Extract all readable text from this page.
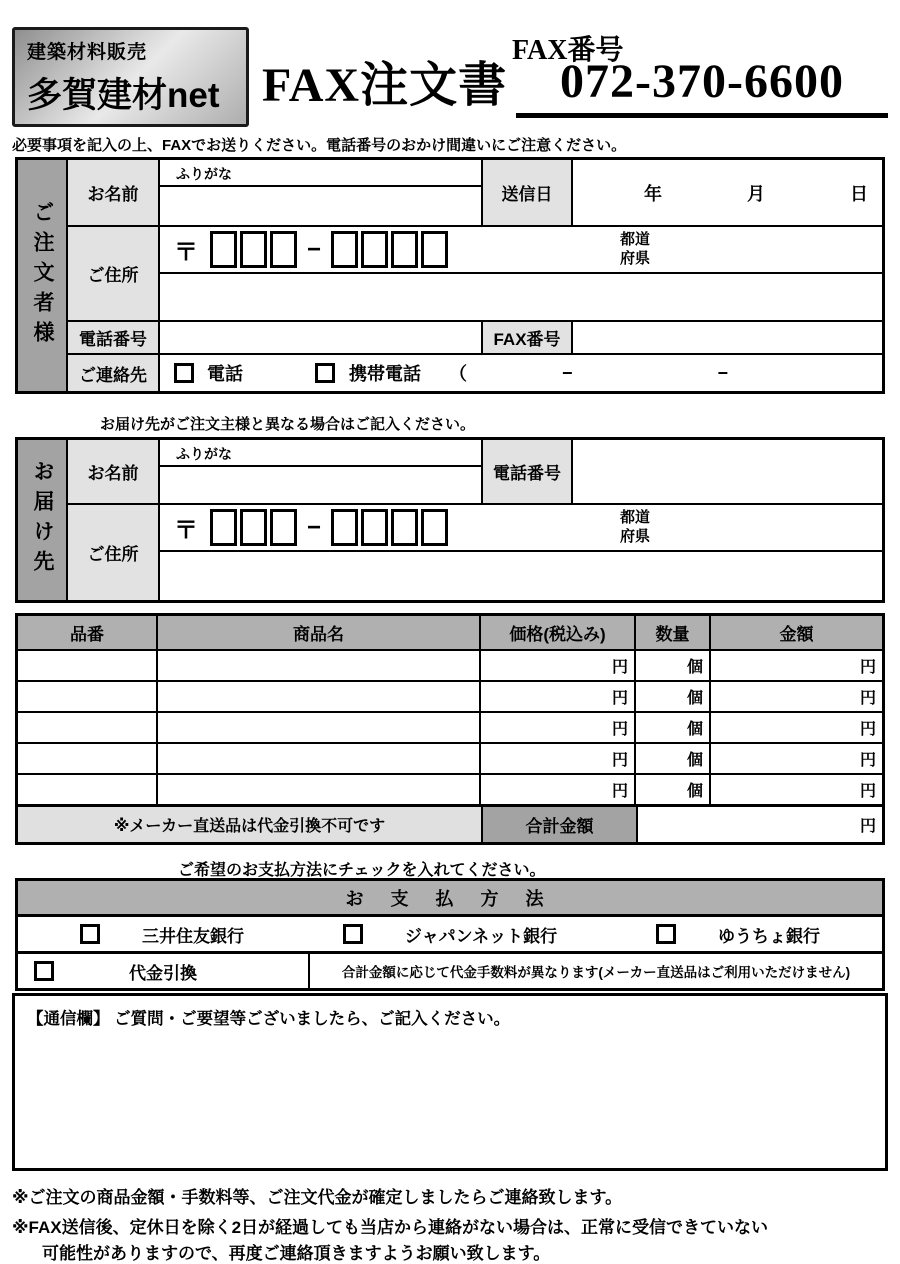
建築材料販売
多賀建材net FAX注文書
FAX番号
072-370-6600
必要事項を記入の上、FAXでお送りください。電話番号のおかけ間違いにご注意ください。
ご注文者様
お名前
ふりがな
送信日	年	月	日
ご住所
〒	−	都道
府県
電話番号	FAX番号
ご連絡先	電話	携帯電話 （	−	−
お届け先がご注文主様と異なる場合はご記入ください。
お届け先	お名前
ふりがな
電話番号
ご住所
〒	−	都道
府県
品番	商品名	価格(税込み)	数量	金額
円	個	円
円	個	円
円	個	円
円	個	円
円	個	円
※メーカー直送品は代金引換不可です	合計金額	円
ご希望のお支払方法にチェックを入れてください。
お 支 払 方 法
三井住友銀行	ジャパンネット銀行	ゆうちょ銀行
代金引換	合計金額に応じて代金手数料が異なります(メーカー直送品はご利用いただけません)
【通信欄】 ご質問・ご要望等ございましたら、ご記入ください。
※ご注文の商品金額・手数料等、ご注文代金が確定しましたらご連絡致します。
※FAX送信後、定休日を除く2日が経過しても当店から連絡がない場合は、正常に受信できていない
可能性がありますので、再度ご連絡頂きますようお願い致します。
